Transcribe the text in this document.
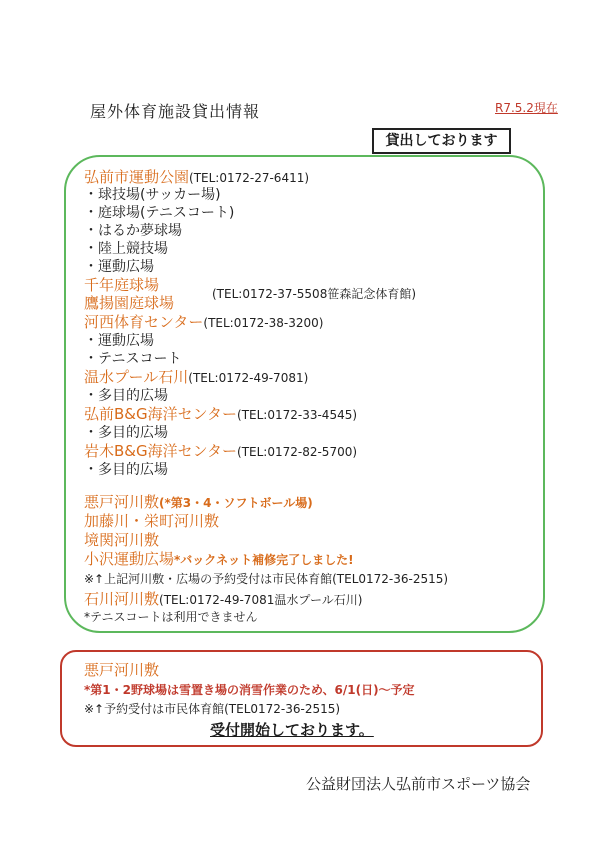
屋外体育施設貸出情報	R7.5.2現在
貸出しております
弘前市運動公園(TEL:0172-27-6411)
・球技場(サッカー場)
・庭球場(テニスコート)
・はるか夢球場
・陸上競技場
・運動広場
千年庭球場
鷹揚園庭球場	(TEL:0172-37-5508笹森記念体育館)
河西体育センター(TEL:0172-38-3200)
・運動広場
・テニスコート
温水プール石川(TEL:0172-49-7081)
・多目的広場
弘前B&G海洋センター(TEL:0172-33-4545)
・多目的広場
岩木B&G海洋センター(TEL:0172-82-5700)
・多目的広場
悪戸河川敷(*第3・4・ソフトボール場)
加藤川・栄町河川敷
境関河川敷
小沢運動広場*バックネット補修完了しました!
※↑上記河川敷・広場の予約受付は市民体育館(TEL0172-36-2515)
石川河川敷(TEL:0172-49-7081温水プール石川)
*テニスコートは利用できません
悪戸河川敷
*第1・2野球場は雪置き場の消雪作業のため、6/1(日)～予定
※↑予約受付は市民体育館(TEL0172-36-2515)
受付開始しております。
公益財団法人弘前市スポーツ協会
